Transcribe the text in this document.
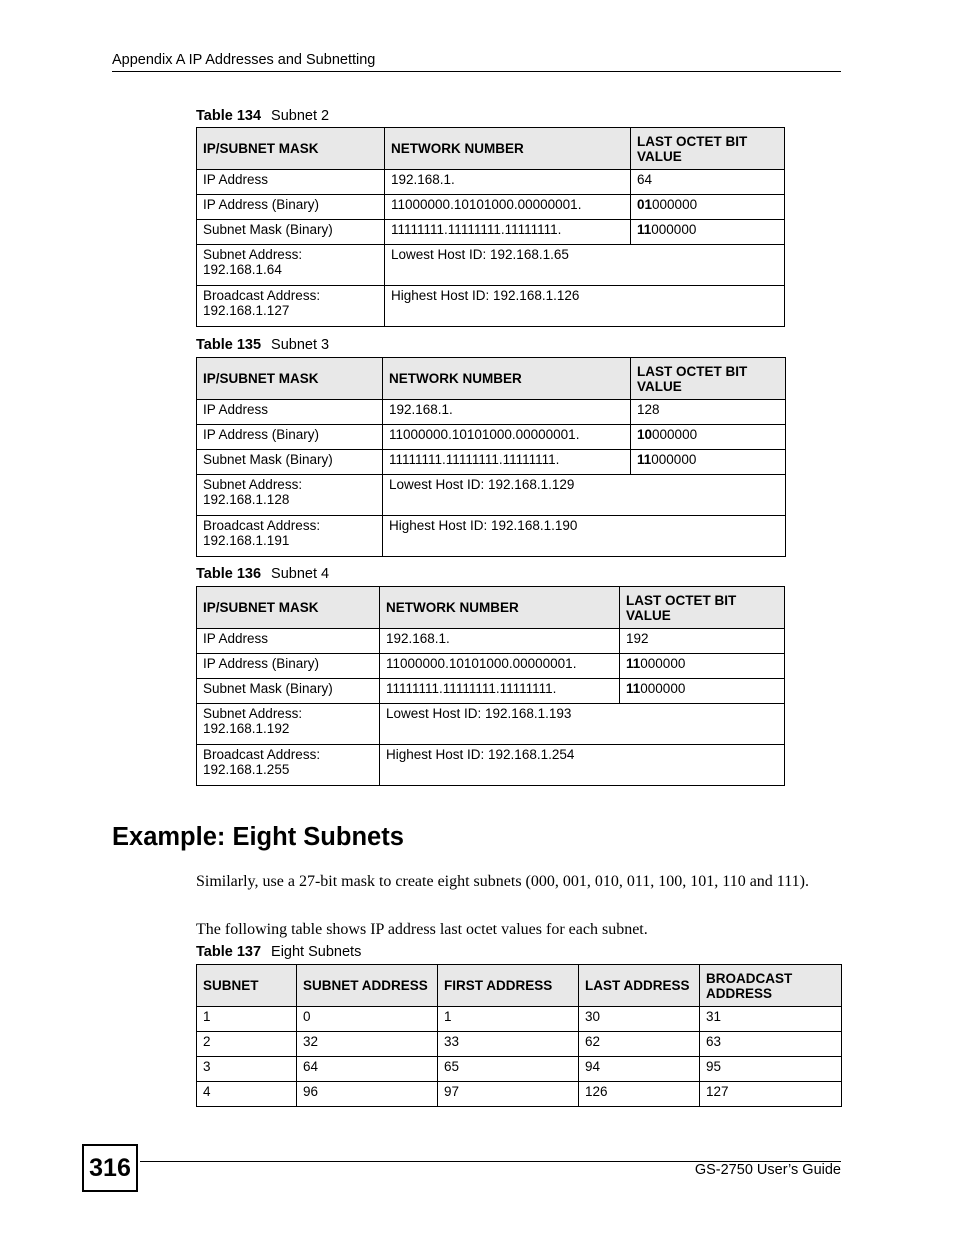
Appendix A IP Addresses and Subnetting
Table 134 Subnet 2
IP/SUBNET MASK	NETWORK NUMBER	LAST OCTET BIT VALUE
IP Address	192.168.1.	64
IP Address (Binary)	11000000.10101000.00000001.	01000000
Subnet Mask (Binary)	11111111.11111111.11111111.	11000000
Subnet Address: 192.168.1.64	Lowest Host ID: 192.168.1.65	
Broadcast Address: 192.168.1.127	Highest Host ID: 192.168.1.126	
Table 135 Subnet 3
IP/SUBNET MASK	NETWORK NUMBER	LAST OCTET BIT VALUE
IP Address	192.168.1.	128
IP Address (Binary)	11000000.10101000.00000001.	10000000
Subnet Mask (Binary)	11111111.11111111.11111111.	11000000
Subnet Address: 192.168.1.128	Lowest Host ID: 192.168.1.129	
Broadcast Address: 192.168.1.191	Highest Host ID: 192.168.1.190	
Table 136 Subnet 4
IP/SUBNET MASK	NETWORK NUMBER	LAST OCTET BIT VALUE
IP Address	192.168.1.	192
IP Address (Binary)	11000000.10101000.00000001.	11000000
Subnet Mask (Binary)	11111111.11111111.11111111.	11000000
Subnet Address: 192.168.1.192	Lowest Host ID: 192.168.1.193	
Broadcast Address: 192.168.1.255	Highest Host ID: 192.168.1.254	
Example: Eight Subnets
Similarly, use a 27-bit mask to create eight subnets (000, 001, 010, 011, 100, 101, 110 and 111).
The following table shows IP address last octet values for each subnet.
Table 137 Eight Subnets
SUBNET	SUBNET ADDRESS	FIRST ADDRESS	LAST ADDRESS	BROADCAST ADDRESS
1	0	1	30	31
2	32	33	62	63
3	64	65	94	95
4	96	97	126	127
316	GS-2750 User’s Guide
